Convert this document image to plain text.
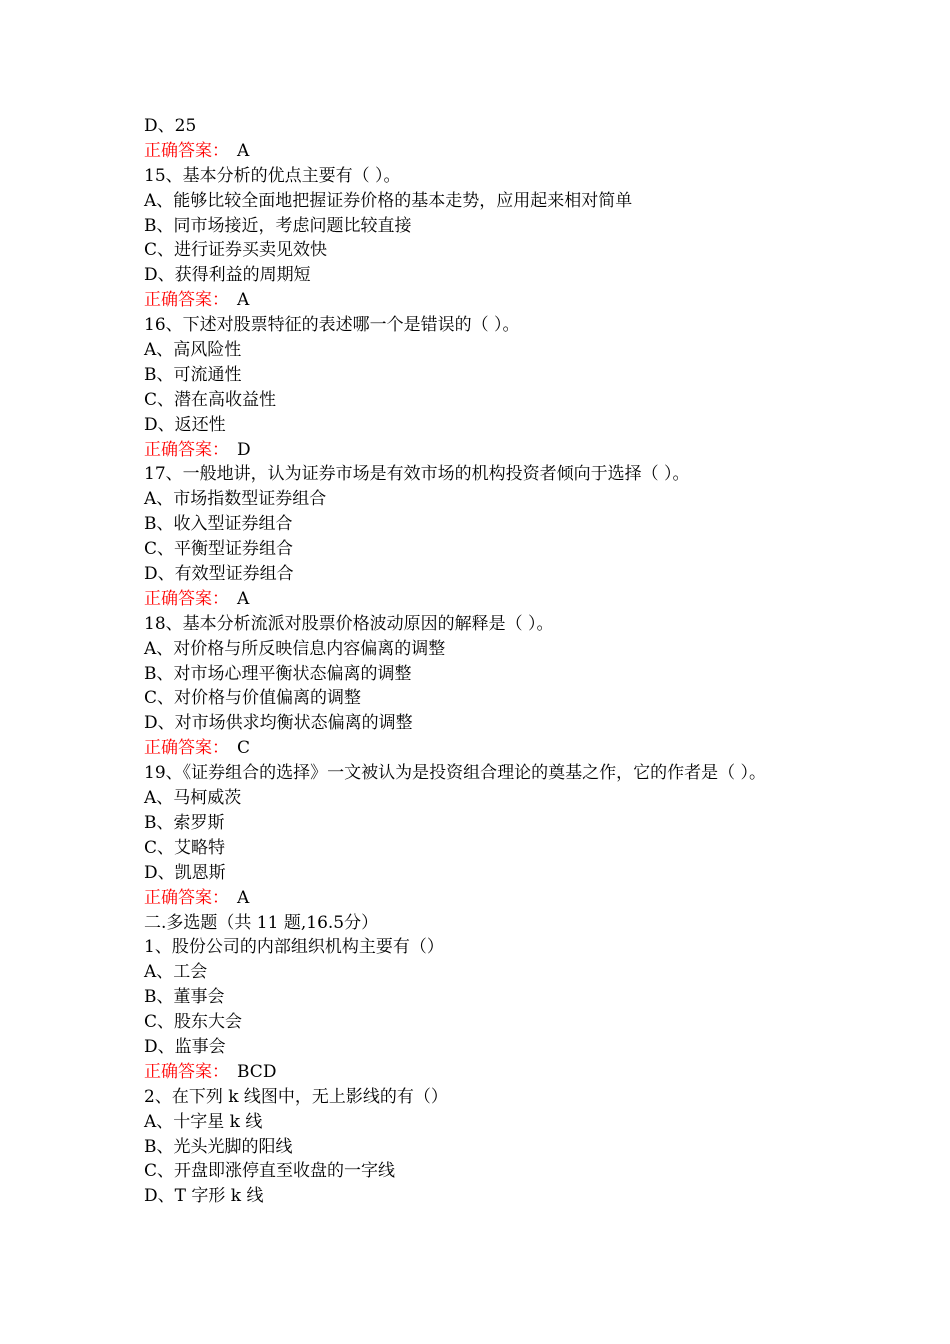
D、25
正确答案： A
15、基本分析的优点主要有（ ）。
A、能够比较全面地把握证券价格的基本走势，应用起来相对简单
B、同市场接近，考虑问题比较直接
C、进行证券买卖见效快
D、获得利益的周期短
正确答案： A
16、下述对股票特征的表述哪一个是错误的（ ）。
A、高风险性
B、可流通性
C、潜在高收益性
D、返还性
正确答案： D
17、一般地讲，认为证券市场是有效市场的机构投资者倾向于选择（ ）。
A、市场指数型证券组合
B、收入型证券组合
C、平衡型证券组合
D、有效型证券组合
正确答案： A
18、基本分析流派对股票价格波动原因的解释是（ ）。
A、对价格与所反映信息内容偏离的调整
B、对市场心理平衡状态偏离的调整
C、对价格与价值偏离的调整
D、对市场供求均衡状态偏离的调整
正确答案： C
19、《证券组合的选择》一文被认为是投资组合理论的奠基之作，它的作者是（ ）。
A、马柯威茨
B、索罗斯
C、艾略特
D、凯恩斯
正确答案： A
二.多选题（共 11 题,16.5分）
1、股份公司的内部组织机构主要有（）
A、工会
B、董事会
C、股东大会
D、监事会
正确答案： BCD
2、在下列 k 线图中，无上影线的有（）
A、十字星 k 线
B、光头光脚的阳线
C、开盘即涨停直至收盘的一字线
D、T 字形 k 线
